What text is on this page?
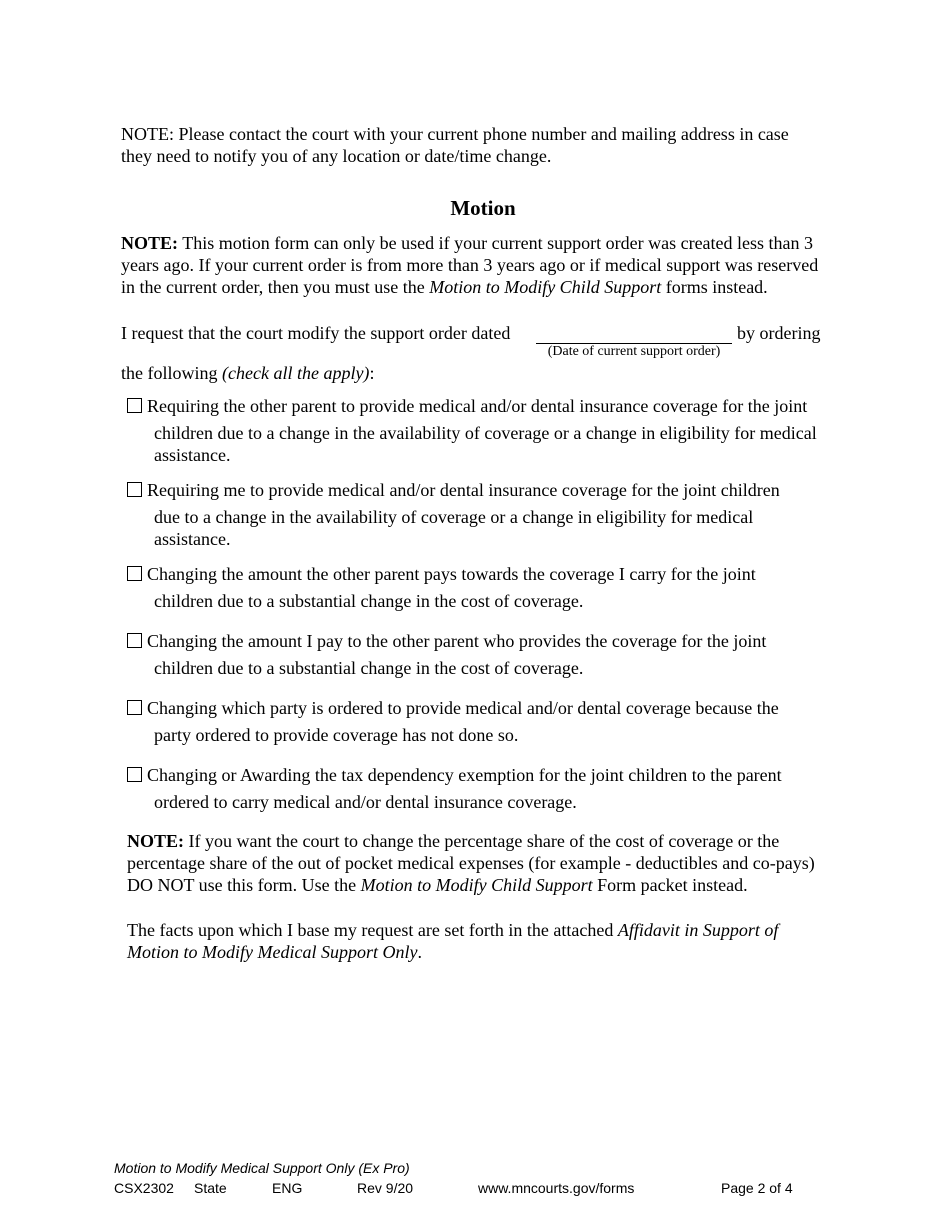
NOTE: Please contact the court with your current phone number and mailing address in case
they need to notify you of any location or date/time change.
Motion
NOTE: This motion form can only be used if your current support order was created less than 3
years ago. If your current order is from more than 3 years ago or if medical support was reserved
in the current order, then you must use the Motion to Modify Child Support forms instead.
I request that the court modify the support order dated
(Date of current support order)
by ordering
the following (check all the apply):
Requiring the other parent to provide medical and/or dental insurance coverage for the joint
children due to a change in the availability of coverage or a change in eligibility for medical
assistance.
Requiring me to provide medical and/or dental insurance coverage for the joint children
due to a change in the availability of coverage or a change in eligibility for medical
assistance.
Changing the amount the other parent pays towards the coverage I carry for the joint
children due to a substantial change in the cost of coverage.
Changing the amount I pay to the other parent who provides the coverage for the joint
children due to a substantial change in the cost of coverage.
Changing which party is ordered to provide medical and/or dental coverage because the
party ordered to provide coverage has not done so.
Changing or Awarding the tax dependency exemption for the joint children to the parent
ordered to carry medical and/or dental insurance coverage.
NOTE: If you want the court to change the percentage share of the cost of coverage or the
percentage share of the out of pocket medical expenses (for example - deductibles and co-pays)
DO NOT use this form. Use the Motion to Modify Child Support Form packet instead.
The facts upon which I base my request are set forth in the attached Affidavit in Support of
Motion to Modify Medical Support Only.
Motion to Modify Medical Support Only (Ex Pro)
CSX2302 State	ENG	Rev 9/20	www.mncourts.gov/forms	Page 2 of 4
